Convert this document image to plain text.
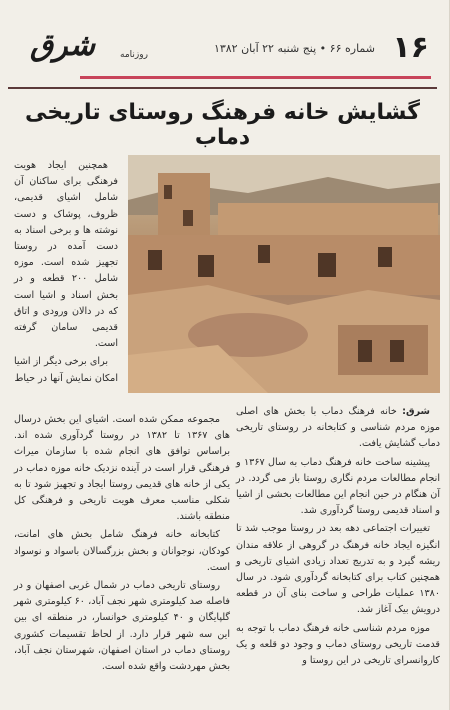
۱۶
شماره ۶۶ • پنج شنبه ۲۲ آبان ۱۳۸۲
شرق	روزنامه
گشایش خانه فرهنگ روستای تاریخی دماب

همچنین ایجاد هویت فرهنگی برای ساکنان آن شامل اشیای قدیمی، ظروف، پوشاک و دست نوشته ها و برخی اسناد به دست آمده در روستا تجهیز شده است. موزه شامل ۲۰۰ قطعه و در بخش اسناد و اشیا است که در دالان ورودی و اتاق قدیمی سامان گرفته است.

برای برخی دیگر از اشیا امکان نمایش آنها در حیاط

مجموعه ممکن شده است. اشیای این بخش درسال های ۱۳۶۷ تا ۱۳۸۲ در روستا گردآوری شده اند. براساس توافق های انجام شده با سازمان میراث فرهنگی قرار است در آینده نزدیک خانه موزه دماب در یکی از خانه های قدیمی روستا ایجاد و تجهیز شود تا به شکلی مناسب معرف هویت تاریخی و فرهنگی کل منطقه باشند.

کتابخانه خانه فرهنگ شامل بخش های امانت، کودکان، نوجوانان و بخش بزرگسالان باسواد و نوسواد است.

روستای تاریخی دماب در شمال غربی اصفهان و در فاصله صد کیلومتری شهر نجف آباد، ۶۰ کیلومتری شهر گلپایگان و ۴۰ کیلومتری خوانسار، در منطقه ای بین این سه شهر قرار دارد. از لحاظ تقسیمات کشوری روستای دماب در استان اصفهان، شهرستان نجف آباد، بخش مهردشت واقع شده است.

شرق: خانه فرهنگ دماب با بخش های اصلی موزه مردم شناسی و کتابخانه در روستای تاریخی دماب گشایش یافت.

پیشینه ساخت خانه فرهنگ دماب به سال ۱۳۶۷ و انجام مطالعات مردم نگاری روستا باز می گردد. در آن هنگام در حین انجام این مطالعات بخشی از اشیا و اسناد قدیمی روستا گردآوری شد.

تغییرات اجتماعی دهه بعد در روستا موجب شد تا انگیزه ایجاد خانه فرهنگ در گروهی از علاقه مندان ریشه گیرد و به تدریج تعداد زیادی اشیای تاریخی و همچنین کتاب برای کتابخانه گردآوری شود. در سال ۱۳۸۰ عملیات طراحی و ساخت بنای آن در قطعه درویش بیک آغاز شد.

موزه مردم شناسی خانه فرهنگ دماب با توجه به قدمت تاریخی روستای دماب و وجود دو قلعه و یک کاروانسرای تاریخی در این روستا و
